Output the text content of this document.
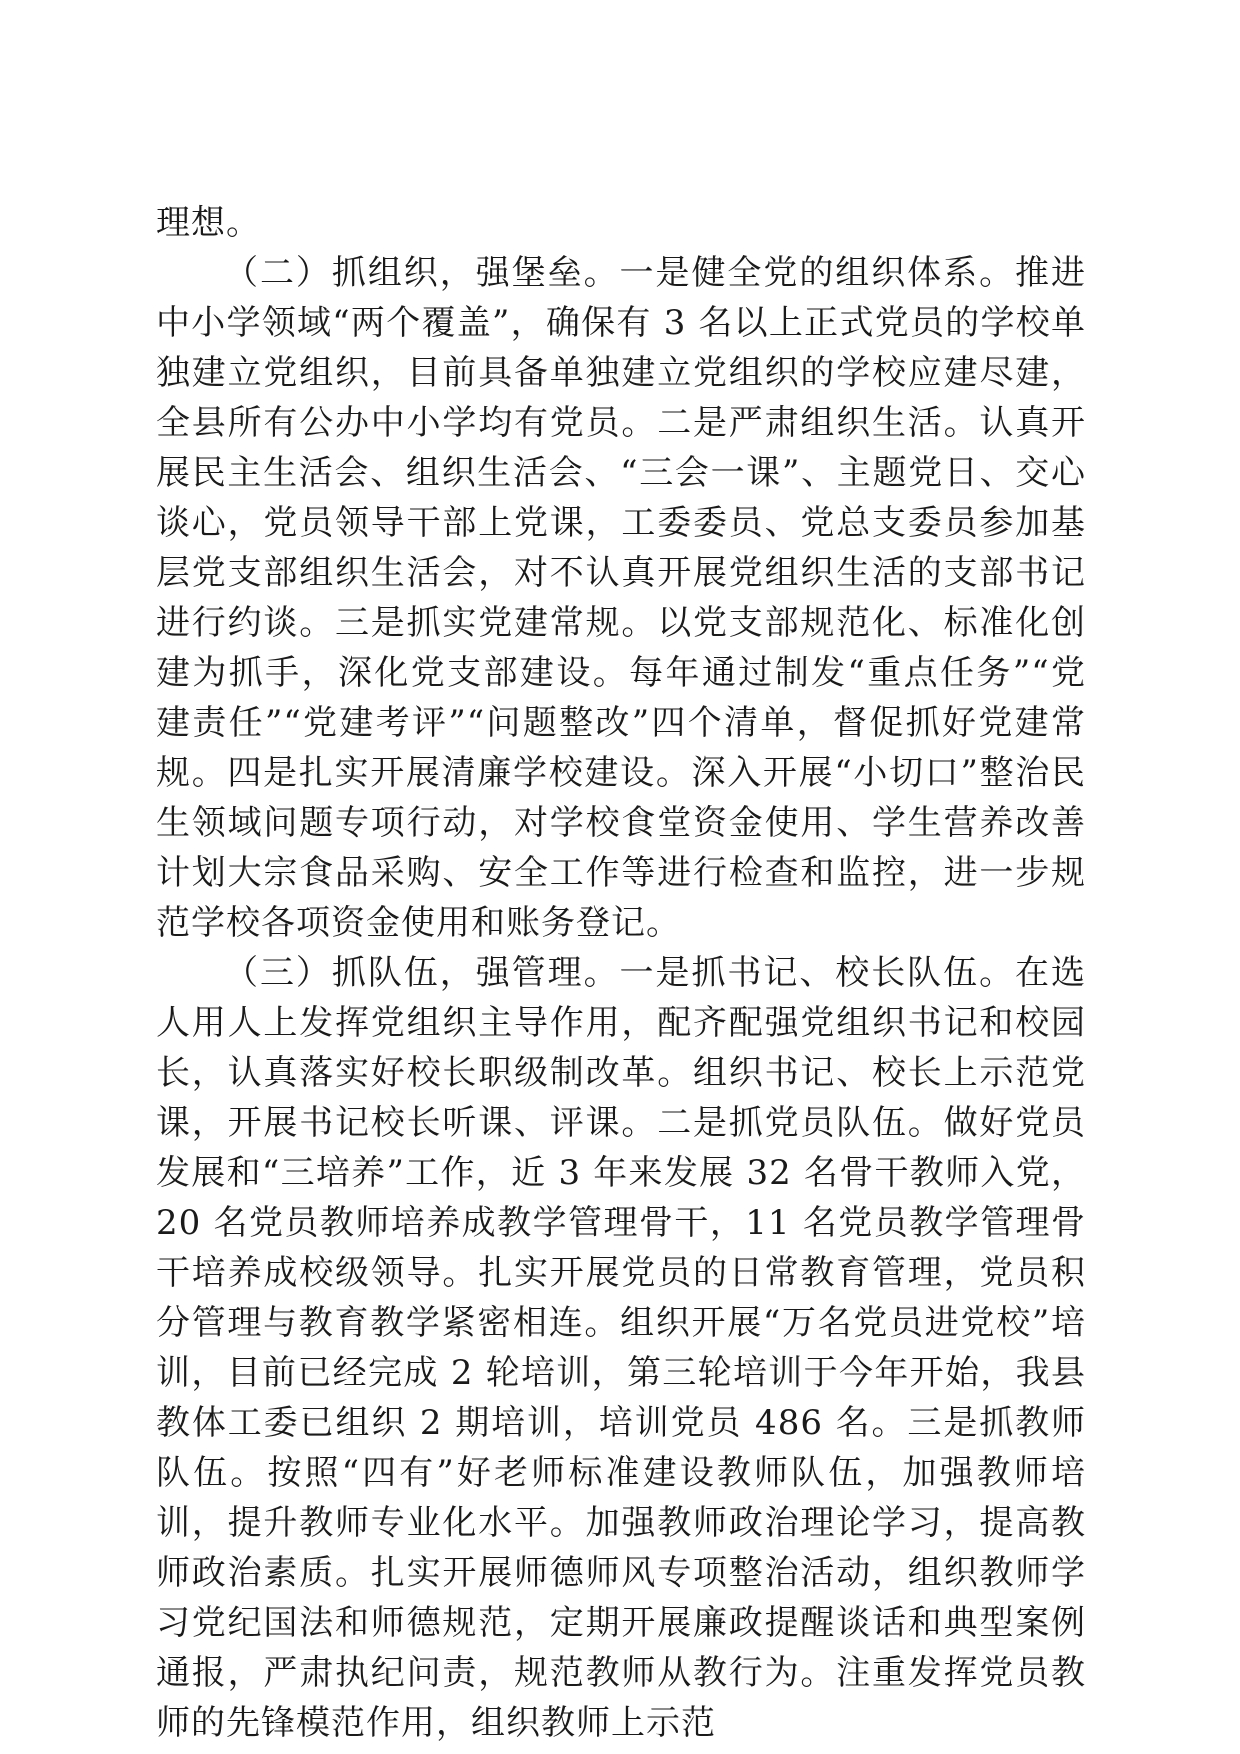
理想。

（二）抓组织，强堡垒。一是健全党的组织体系。推进中小学领域“两个覆盖”，确保有 3 名以上正式党员的学校单独建立党组织，目前具备单独建立党组织的学校应建尽建，全县所有公办中小学均有党员。二是严肃组织生活。认真开展民主生活会、组织生活会、“三会一课”、主题党日、交心谈心，党员领导干部上党课，工委委员、党总支委员参加基层党支部组织生活会，对不认真开展党组织生活的支部书记进行约谈。三是抓实党建常规。以党支部规范化、标准化创建为抓手，深化党支部建设。每年通过制发“重点任务”“党建责任”“党建考评”“问题整改”四个清单，督促抓好党建常规。四是扎实开展清廉学校建设。深入开展“小切口”整治民生领域问题专项行动，对学校食堂资金使用、学生营养改善计划大宗食品采购、安全工作等进行检查和监控，进一步规范学校各项资金使用和账务登记。

（三）抓队伍，强管理。一是抓书记、校长队伍。在选人用人上发挥党组织主导作用，配齐配强党组织书记和校园长，认真落实好校长职级制改革。组织书记、校长上示范党课，开展书记校长听课、评课。二是抓党员队伍。做好党员发展和“三培养”工作，近 3 年来发展 32 名骨干教师入党，20 名党员教师培养成教学管理骨干，11 名党员教学管理骨干培养成校级领导。扎实开展党员的日常教育管理，党员积分管理与教育教学紧密相连。组织开展“万名党员进党校”培训，目前已经完成 2 轮培训，第三轮培训于今年开始，我县教体工委已组织 2 期培训，培训党员 486 名。三是抓教师队伍。按照“四有”好老师标准建设教师队伍，加强教师培训，提升教师专业化水平。加强教师政治理论学习，提高教师政治素质。扎实开展师德师风专项整治活动，组织教师学习党纪国法和师德规范，定期开展廉政提醒谈话和典型案例通报，严肃执纪问责，规范教师从教行为。注重发挥党员教师的先锋模范作用，组织教师上示范
